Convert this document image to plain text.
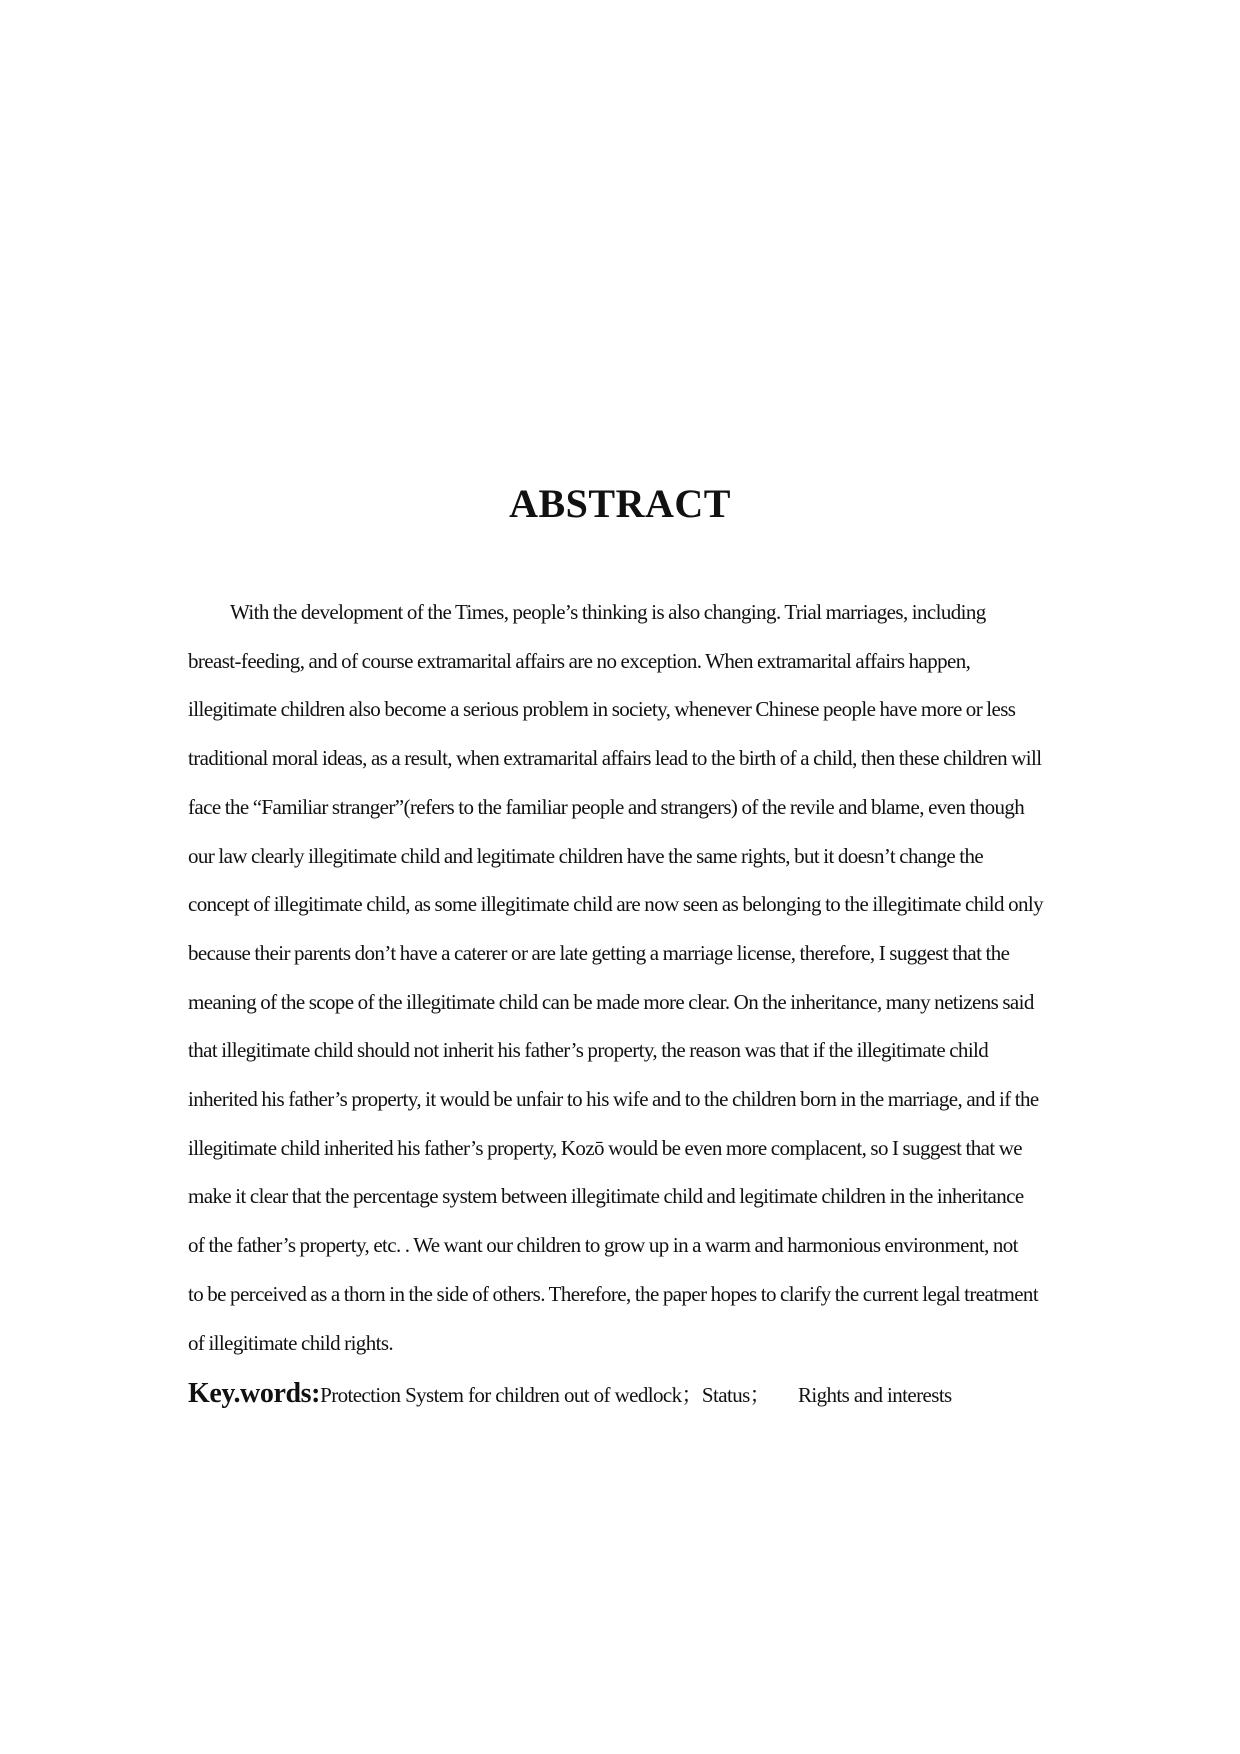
ABSTRACT
With the development of the Times, people’s thinking is also changing. Trial marriages, including
breast-feeding, and of course extramarital affairs are no exception. When extramarital affairs happen,
illegitimate children also become a serious problem in society, whenever Chinese people have more or less
traditional moral ideas, as a result, when extramarital affairs lead to the birth of a child, then these children will
face the “Familiar stranger”(refers to the familiar people and strangers) of the revile and blame, even though
our law clearly illegitimate child and legitimate children have the same rights, but it doesn’t change the
concept of illegitimate child, as some illegitimate child are now seen as belonging to the illegitimate child only
because their parents don’t have a caterer or are late getting a marriage license, therefore, I suggest that the
meaning of the scope of the illegitimate child can be made more clear. On the inheritance, many netizens said
that illegitimate child should not inherit his father’s property, the reason was that if the illegitimate child
inherited his father’s property, it would be unfair to his wife and to the children born in the marriage, and if the
illegitimate child inherited his father’s property, Kozō would be even more complacent, so I suggest that we
make it clear that the percentage system between illegitimate child and legitimate children in the inheritance
of the father’s property, etc. . We want our children to grow up in a warm and harmonious environment, not
to be perceived as a thorn in the side of others. Therefore, the paper hopes to clarify the current legal treatment
of illegitimate child rights.
Key.words:Protection System for children out of wedlock；Status；      Rights and interests
